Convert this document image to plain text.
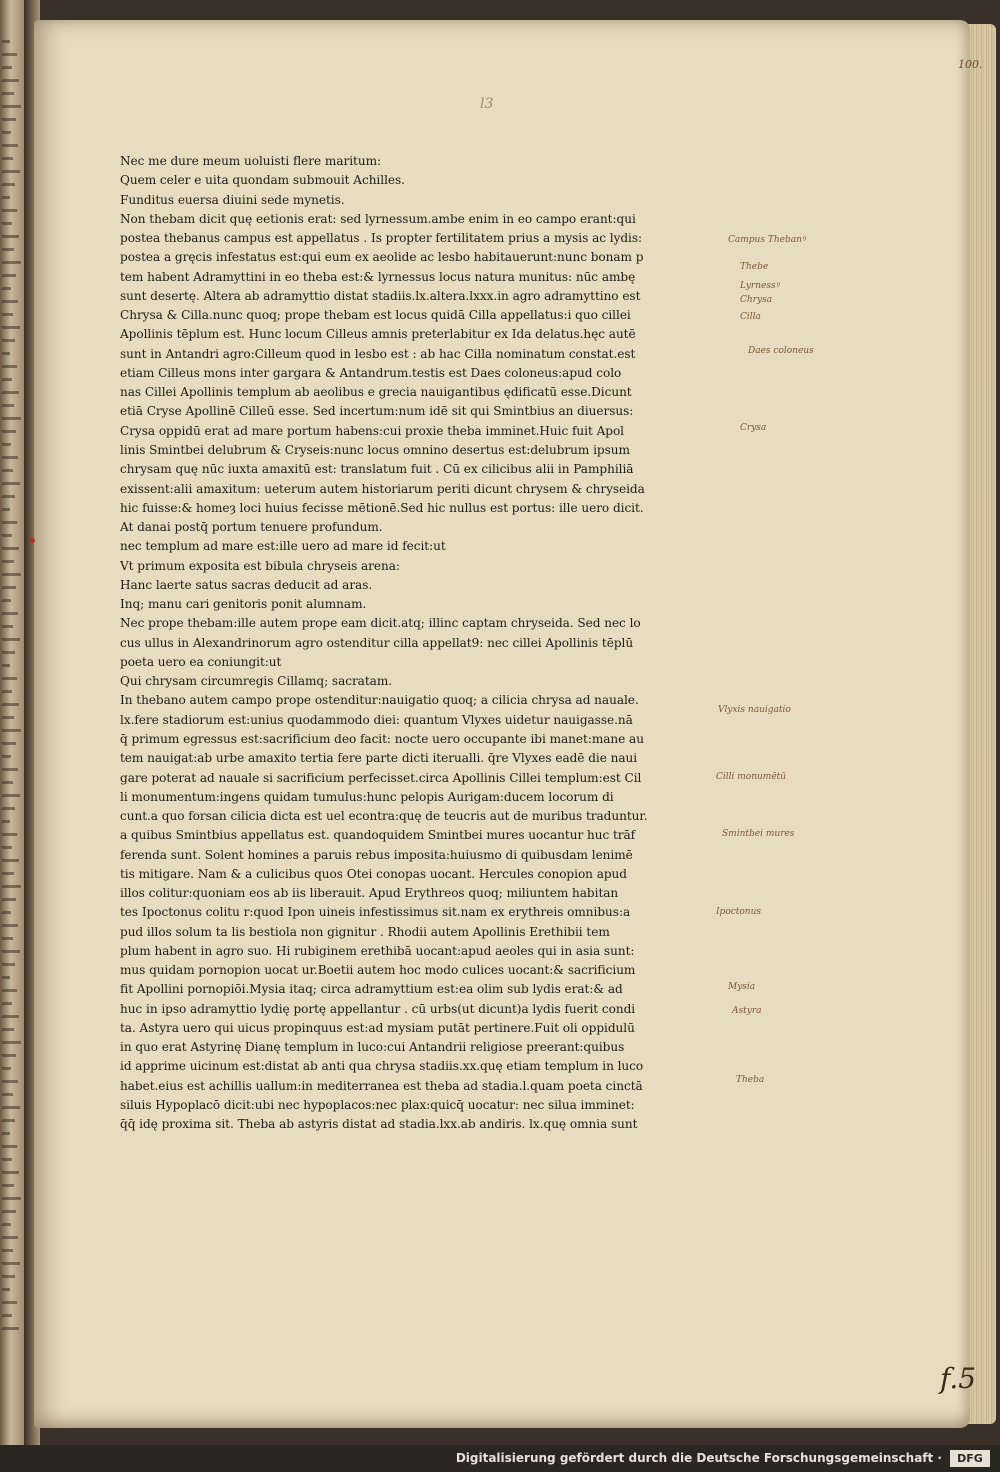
100.
l3
Nec me dure meum uoluisti flere maritum:
Quem celer e uita quondam submouit Achilles.
Funditus euersa diuini sede mynetis.
Non thebam dicit quę eetionis erat: sed lyrnessum.ambe enim in eo campo erant:qui
postea thebanus campus est appellatus . Is propter fertilitatem prius a mysis ac lydis:
postea a gręcis infestatus est:qui eum ex aeolide ac lesbo habitauerunt:nunc bonam p
tem habent Adramyttini in eo theba est:& lyrnessus locus natura munitus: nūc ambę
sunt desertę. Altera ab adramyttio distat stadiis.lx.altera.lxxx.in agro adramyttino est
Chrysa & Cilla.nunc quoq; prope thebam est locus quidā Cilla appellatus:i quo cillei
Apollinis tēplum est. Hunc locum Cilleus amnis preterlabitur ex Ida delatus.hęc autē
sunt in Antandri agro:Cilleum quod in lesbo est : ab hac Cilla nominatum constat.est
etiam Cilleus mons inter gargara & Antandrum.testis est Daes coloneus:apud colo
nas Cillei Apollinis templum ab aeolibus e grecia nauigantibus ędificatū esse.Dicunt
etiā Cryse Apollinē Cilleū esse. Sed incertum:num idē sit qui Smintbius an diuersus:
Crysa oppidū erat ad mare portum habens:cui proxie theba imminet.Huic fuit Apol
linis Smintbei delubrum & Cryseis:nunc locus omnino desertus est:delubrum ipsum
chrysam quę nūc iuxta amaxitū est: translatum fuit . Cū ex cilicibus alii in Pamphiliā
exissent:alii amaxitum: ueterum autem historiarum periti dicunt chrysem & chryseida
hic fuisse:& homeȝ loci huius fecisse mētionē.Sed hic nullus est portus: ille uero dicit.
At danai postq̄ portum tenuere profundum.
nec templum ad mare est:ille uero ad mare id fecit:ut
Vt primum exposita est bibula chryseis arena:
Hanc laerte satus sacras deducit ad aras.
Inq; manu cari genitoris ponit alumnam.
Nec prope thebam:ille autem prope eam dicit.atq; illinc captam chryseida. Sed nec lo
cus ullus in Alexandrinorum agro ostenditur cilla appellat9: nec cillei Apollinis tēplū
poeta uero ea coniungit:ut
Qui chrysam circumregis Cillamq; sacratam.
In thebano autem campo prope ostenditur:nauigatio quoq; a cilicia chrysa ad nauale.
lx.fere stadiorum est:unius quodammodo diei: quantum Vlyxes uidetur nauigasse.nā
q̄ primum egressus est:sacrificium deo facit: nocte uero occupante ibi manet:mane au
tem nauigat:ab urbe amaxito tertia fere parte dicti iterualli. q̄re Vlyxes eadē die naui
gare poterat ad nauale si sacrificium perfecisset.circa Apollinis Cillei templum:est Cil
li monumentum:ingens quidam tumulus:hunc pelopis Aurigam:ducem locorum di
cunt.a quo forsan cilicia dicta est uel econtra:quę de teucris aut de muribus traduntur.
a quibus Smintbius appellatus est. quandoquidem Smintbei mures uocantur huc trāf
ferenda sunt. Solent homines a paruis rebus imposita:huiusmo di quibusdam lenimē
tis mitigare. Nam & a culicibus quos Otei conopas uocant. Hercules conopion apud
illos colitur:quoniam eos ab iis liberauit. Apud Erythreos quoq; miliuntem habitan
tes Ipoctonus colitu r:quod Ipon uineis infestissimus sit.nam ex erythreis omnibus:a
pud illos solum ta lis bestiola non gignitur . Rhodii autem Apollinis Erethibii tem
plum habent in agro suo. Hi rubiginem erethibā uocant:apud aeoles qui in asia sunt:
mus quidam pornopion uocat ur.Boetii autem hoc modo culices uocant:& sacrificium
fit Apollini pornopiōi.Mysia itaq; circa adramyttium est:ea olim sub lydis erat:& ad
huc in ipso adramyttio lydię portę appellantur . cū urbs(ut dicunt)a lydis fuerit condi
ta. Astyra uero qui uicus propinquus est:ad mysiam putāt pertinere.Fuit oli oppidulū
in quo erat Astyrinę Dianę templum in luco:cui Antandrii religiose preerant:quibus
id apprime uicinum est:distat ab anti qua chrysa stadiis.xx.quę etiam templum in luco
habet.eius est achillis uallum:in mediterranea est theba ad stadia.l.quam poeta cinctā
siluis Hypoplacō dicit:ubi nec hypoplacos:nec plax:quicq̄ uocatur: nec silua imminet:
q̄q̄ idę proxima sit. Theba ab astyris distat ad stadia.lxx.ab andiris. lx.quę omnia sunt
Campus Thebanꝰ
Thebe
Lyrnessꝰ
Chrysa
Cilla
Daes coloneus
Crysa
Vlyxis nauigatio
Cilli monumētū
Smintbei mures
Ipoctonus
Mysia
Astyra
Theba
f.5
Digitalisierung gefördert durch die Deutsche Forschungsgemeinschaft ·	DFG
